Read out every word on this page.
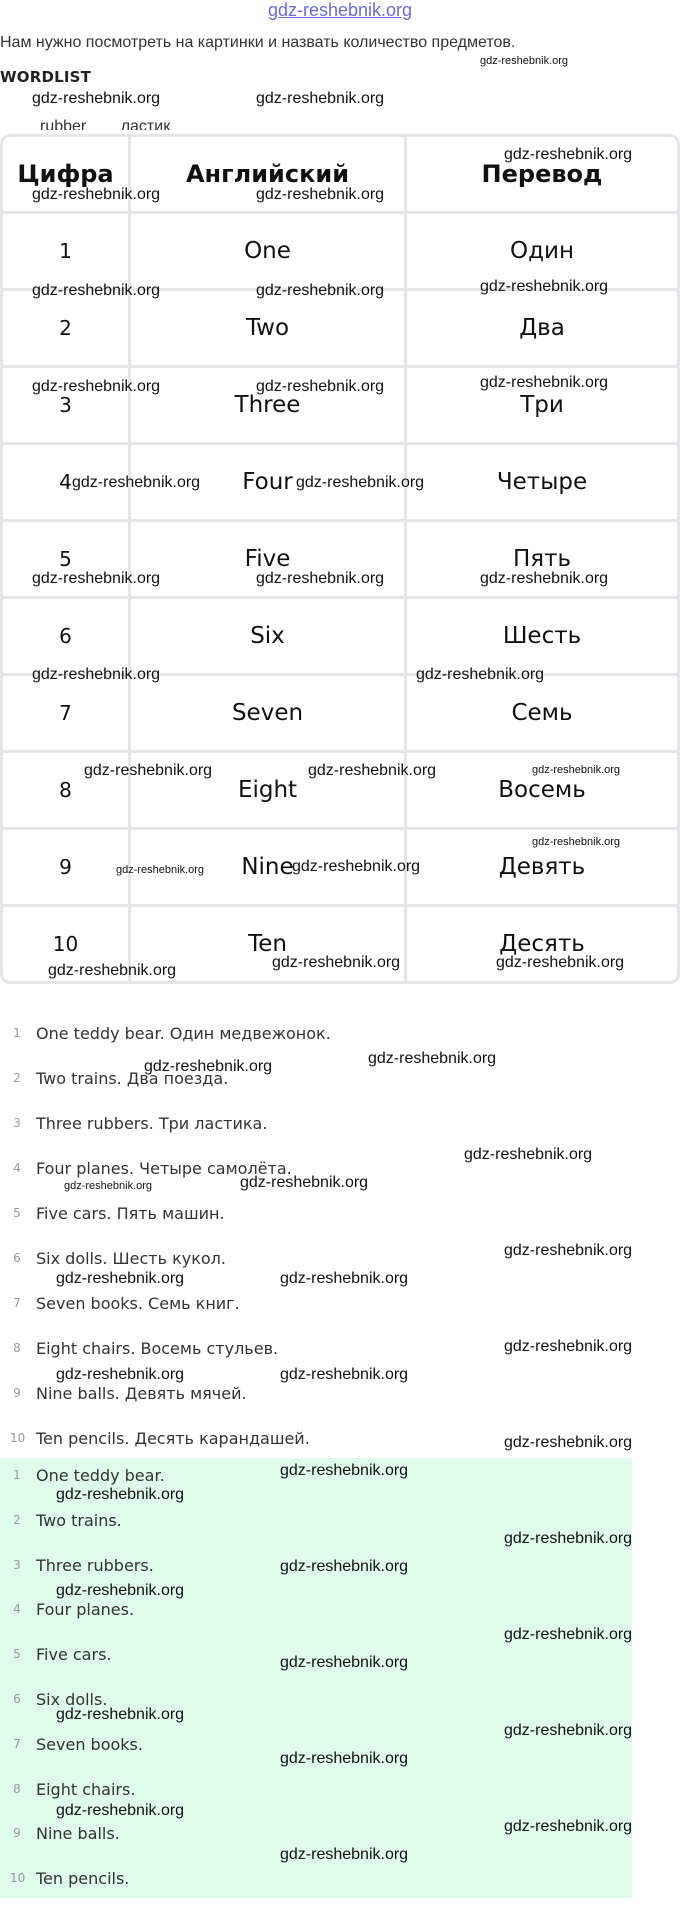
gdz-reshebnik.org
Нам нужно посмотреть на картинки и назвать количество предметов.
WORDLIST
rubber ластик
Цифра	Английский	Перевод
1	One	Один
2	Two	Два
3	Three	Три
4	Four	Четыре
5	Five	Пять
6	Six	Шесть
7	Seven	Семь
8	Eight	Восемь
9	Nine	Девять
10	Ten	Десять
1 One teddy bear. Один медвежонок.
2 Two trains. Два поезда.
3 Three rubbers. Три ластика.
4 Four planes. Четыре самолёта.
5 Five cars. Пять машин.
6 Six dolls. Шесть кукол.
7 Seven books. Семь книг.
8 Eight chairs. Восемь стульев.
9 Nine balls. Девять мячей.
10 Ten pencils. Десять карандашей.
1 One teddy bear.
2 Two trains.
3 Three rubbers.
4 Four planes.
5 Five cars.
6 Six dolls.
7 Seven books.
8 Eight chairs.
9 Nine balls.
10 Ten pencils.
gdz-reshebnik.org
gdz-reshebnik.org	gdz-reshebnik.org
gdz-reshebnik.org
gdz-reshebnik.org	gdz-reshebnik.org
gdz-reshebnik.org	gdz-reshebnik.org	gdz-reshebnik.org
gdz-reshebnik.org	gdz-reshebnik.org	gdz-reshebnik.org
gdz-reshebnik.org	gdz-reshebnik.org
gdz-reshebnik.org	gdz-reshebnik.org	gdz-reshebnik.org
gdz-reshebnik.org	gdz-reshebnik.org
gdz-reshebnik.org	gdz-reshebnik.org	gdz-reshebnik.org
gdz-reshebnik.org
gdz-reshebnik.org	gdz-reshebnik.org
gdz-reshebnik.org	gdz-reshebnik.org	gdz-reshebnik.org
gdz-reshebnik.org	gdz-reshebnik.org
gdz-reshebnik.org
gdz-reshebnik.org
gdz-reshebnik.org
gdz-reshebnik.org
gdz-reshebnik.org	gdz-reshebnik.org
gdz-reshebnik.org
gdz-reshebnik.org	gdz-reshebnik.org
gdz-reshebnik.org
gdz-reshebnik.org
gdz-reshebnik.org
gdz-reshebnik.org
gdz-reshebnik.org
gdz-reshebnik.org
gdz-reshebnik.org
gdz-reshebnik.org
gdz-reshebnik.org
gdz-reshebnik.org
gdz-reshebnik.org
gdz-reshebnik.org
gdz-reshebnik.org
gdz-reshebnik.org
